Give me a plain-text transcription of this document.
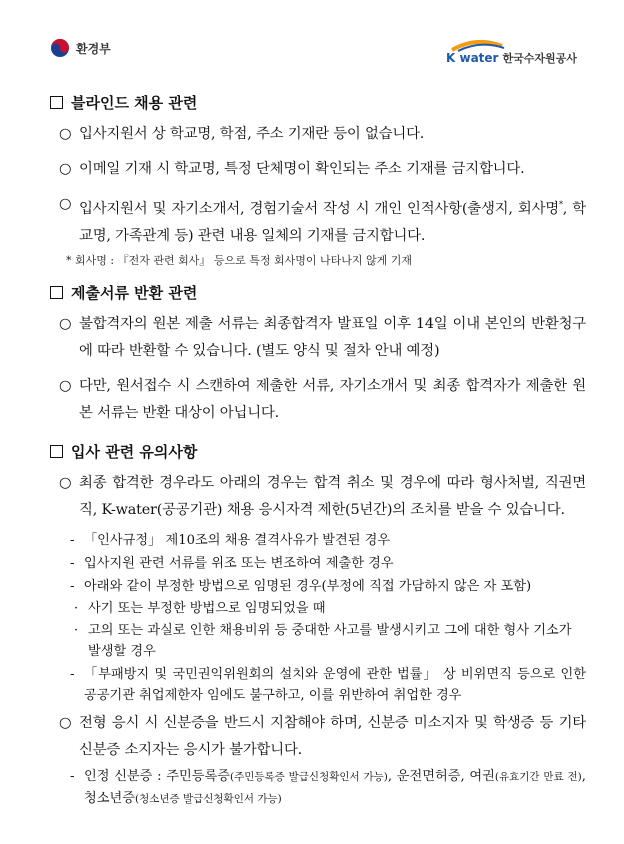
환경부
K water 한국수자원공사
블라인드 채용 관련
○ 입사지원서 상 학교명, 학점, 주소 기재란 등이 없습니다.
○ 이메일 기재 시 학교명, 특정 단체명이 확인되는 주소 기재를 금지합니다.
○ 입사지원서 및 자기소개서, 경험기술서 작성 시 개인 인적사항(출생지, 회사명*, 학교명, 가족관계 등) 관련 내용 일체의 기재를 금지합니다.
* 회사명 : 『전자 관련 회사』 등으로 특정 회사명이 나타나지 않게 기재
제출서류 반환 관련
○ 불합격자의 원본 제출 서류는 최종합격자 발표일 이후 14일 이내 본인의 반환청구에 따라 반환할 수 있습니다. (별도 양식 및 절차 안내 예정)
○ 다만, 원서접수 시 스캔하여 제출한 서류, 자기소개서 및 최종 합격자가 제출한 원본 서류는 반환 대상이 아닙니다.
입사 관련 유의사항
○ 최종 합격한 경우라도 아래의 경우는 합격 취소 및 경우에 따라 형사처벌, 직권면직, K-water(공공기관) 채용 응시자격 제한(5년간)의 조치를 받을 수 있습니다.
- 「인사규정」 제10조의 채용 결격사유가 발견된 경우
- 입사지원 관련 서류를 위조 또는 변조하여 제출한 경우
- 아래와 같이 부정한 방법으로 임명된 경우(부정에 직접 가담하지 않은 자 포함)
· 사기 또는 부정한 방법으로 임명되었을 때
· 고의 또는 과실로 인한 채용비위 등 중대한 사고를 발생시키고 그에 대한 형사 기소가 발생할 경우
- 「부패방지 및 국민권익위원회의 설치와 운영에 관한 법률」 상 비위면직 등으로 인한 공공기관 취업제한자 임에도 불구하고, 이를 위반하여 취업한 경우
○ 전형 응시 시 신분증을 반드시 지참해야 하며, 신분증 미소지자 및 학생증 등 기타 신분증 소지자는 응시가 불가합니다.
- 인정 신분증 : 주민등록증(주민등록증 발급신청확인서 가능), 운전면허증, 여권(유효기간 만료 전), 청소년증(청소년증 발급신청확인서 가능)
